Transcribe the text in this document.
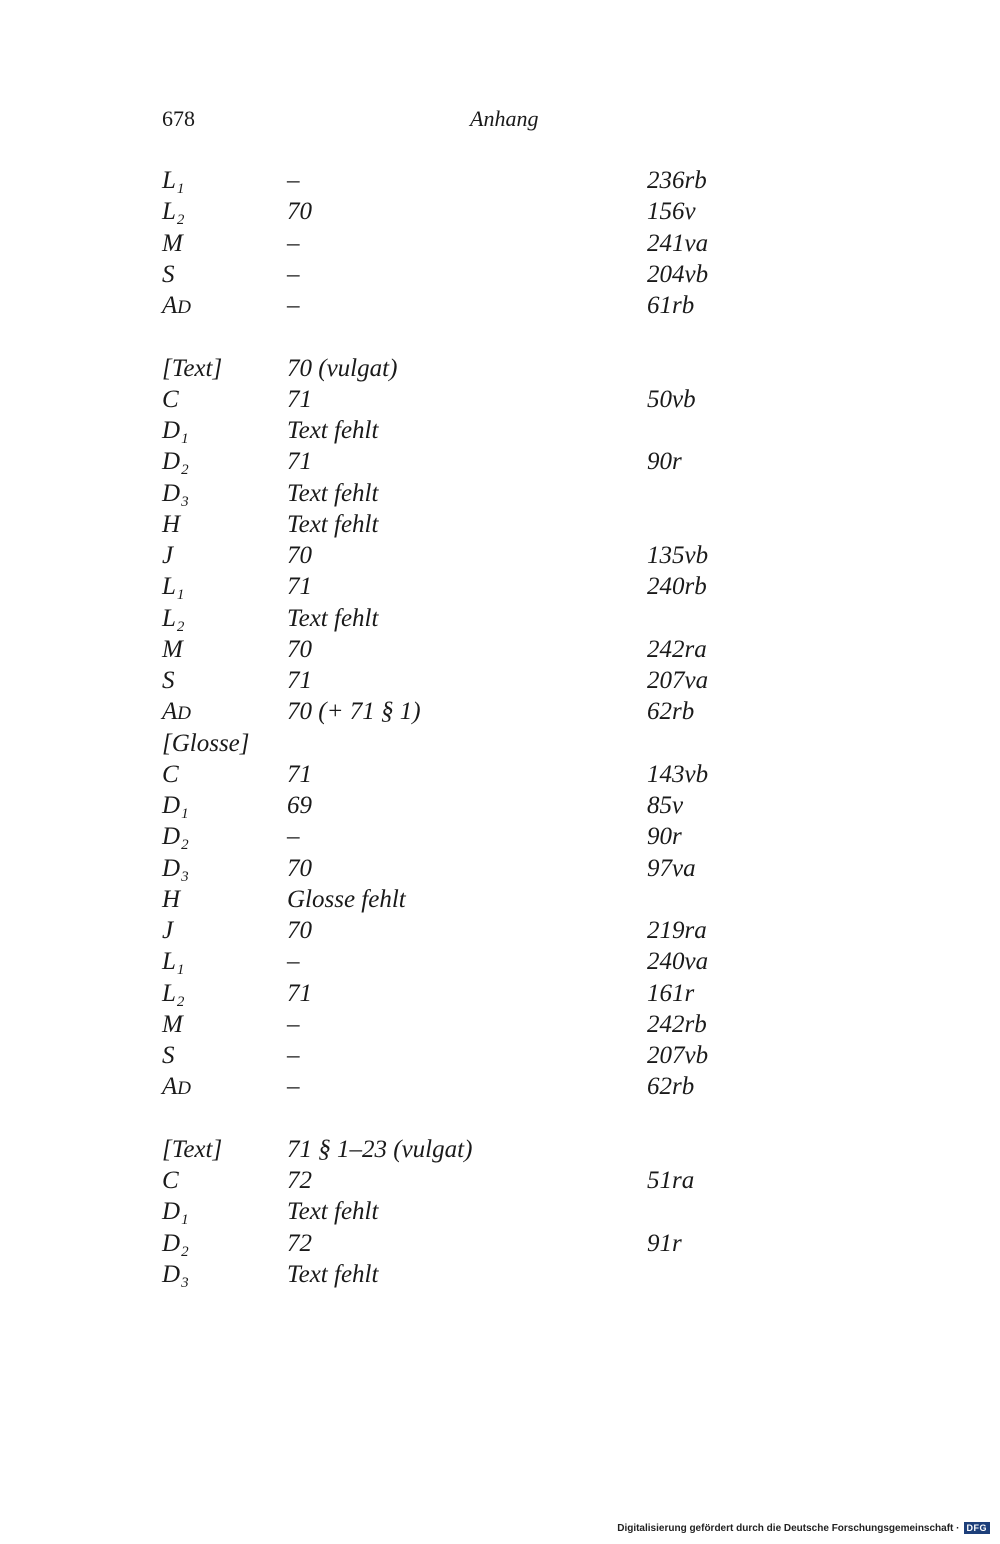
678	Anhang
$L_1$	–	236rb
$L_2$	70	156v
M	–	241va
S	–	204vb
AD	–	61rb
[Text]	70 (vulgat)
C	71	50vb
$D_1$	Text fehlt
$D_2$	71	90r
$D_3$	Text fehlt
H	Text fehlt
J	70	135vb
$L_1$	71	240rb
$L_2$	Text fehlt
M	70	242ra
S	71	207va
AD	70 (+ 71 § 1)	62rb
[Glosse]
C	71	143vb
$D_1$	69	85v
$D_2$	–	90r
$D_3$	70	97va
H	Glosse fehlt
J	70	219ra
$L_1$	–	240va
$L_2$	71	161r
M	–	242rb
S	–	207vb
AD	–	62rb
[Text]	71 § 1–23 (vulgat)
C	72	51ra
$D_1$	Text fehlt
$D_2$	72	91r
$D_3$	Text fehlt
Digitalisierung gefördert durch die Deutsche Forschungsgemeinschaft · DFG
